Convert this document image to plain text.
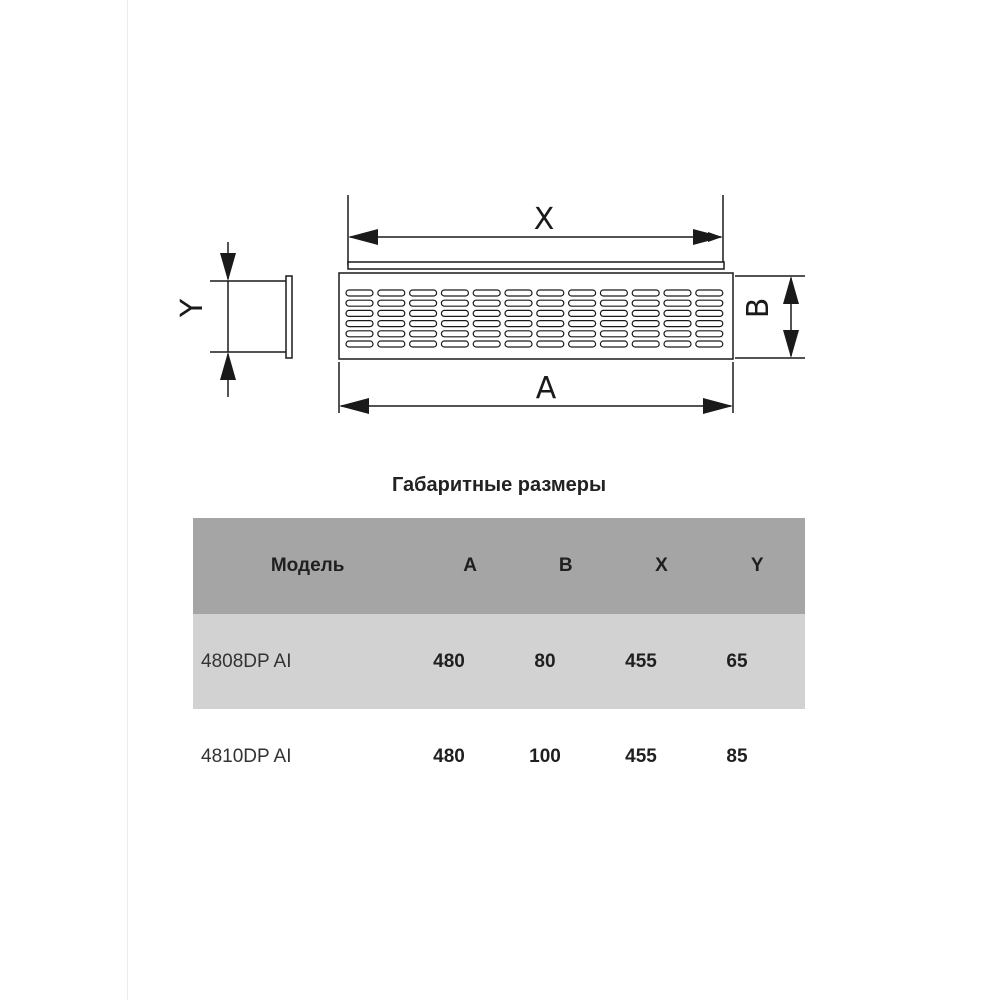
X
A
B
Y
Габаритные размеры
Модель	A	B	X	Y
4808DP AI	480	80	455	65
4810DP AI	480	100	455	85
